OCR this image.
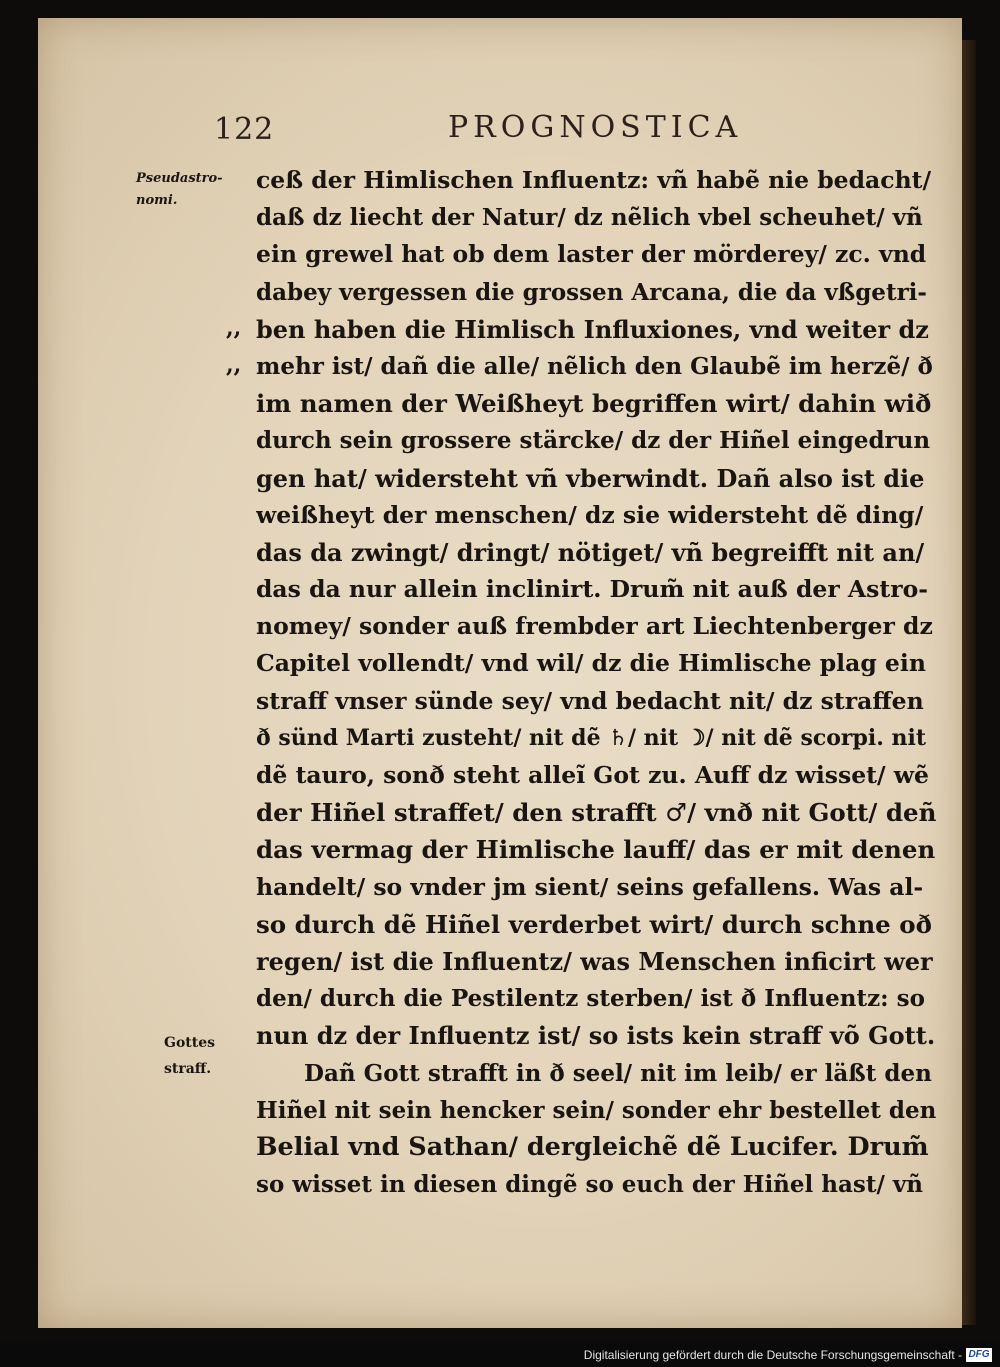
122	PROGNOSTICA
Pseudastro-
nomi.
,,
,,
Gottes
straff.
ceß der Himlischen Influentz: vñ habẽ nie bedacht/
daß dz liecht der Natur/ dz nẽlich vbel scheuhet/ vñ
ein grewel hat ob dem laster der mörderey/ zc. vnd
dabey vergessen die grossen Arcana, die da vßgetri-
ben haben die Himlisch Influxiones, vnd weiter dz
mehr ist/ dañ die alle/ nẽlich den Glaubẽ im herzẽ/ ð
im namen der Weißheyt begriffen wirt/ dahin wið
durch sein grossere stärcke/ dz der Hiñel eingedrun
gen hat/ widersteht vñ vberwindt. Dañ also ist die
weißheyt der menschen/ dz sie widersteht dẽ ding/
das da zwingt/ dringt/ nötiget/ vñ begreifft nit an/
das da nur allein inclinirt. Drum̃ nit auß der Astro-
nomey/ sonder auß frembder art Liechtenberger dz
Capitel vollendt/ vnd wil/ dz die Himlische plag ein
straff vnser sünde sey/ vnd bedacht nit/ dz straffen
ð sünd Marti zusteht/ nit dẽ ♄/ nit ☽/ nit dẽ scorpi. nit
dẽ tauro, sonð steht alleĩ Got zu. Auff dz wisset/ wẽ
der Hiñel straffet/ den strafft ♂/ vnð nit Gott/ deñ
das vermag der Himlische lauff/ das er mit denen
handelt/ so vnder jm sient/ seins gefallens. Was al-
so durch dẽ Hiñel verderbet wirt/ durch schne oð
regen/ ist die Influentz/ was Menschen inficirt wer
den/ durch die Pestilentz sterben/ ist ð Influentz: so
nun dz der Influentz ist/ so ists kein straff võ Gott.
Dañ Gott strafft in ð seel/ nit im leib/ er läßt den
Hiñel nit sein hencker sein/ sonder ehr bestellet den
Belial vnd Sathan/ dergleichẽ dẽ Lucifer. Drum̃
so wisset in diesen dingẽ so euch der Hiñel hast/ vñ
Digitalisierung gefördert durch die Deutsche Forschungsgemeinschaft - DFG
